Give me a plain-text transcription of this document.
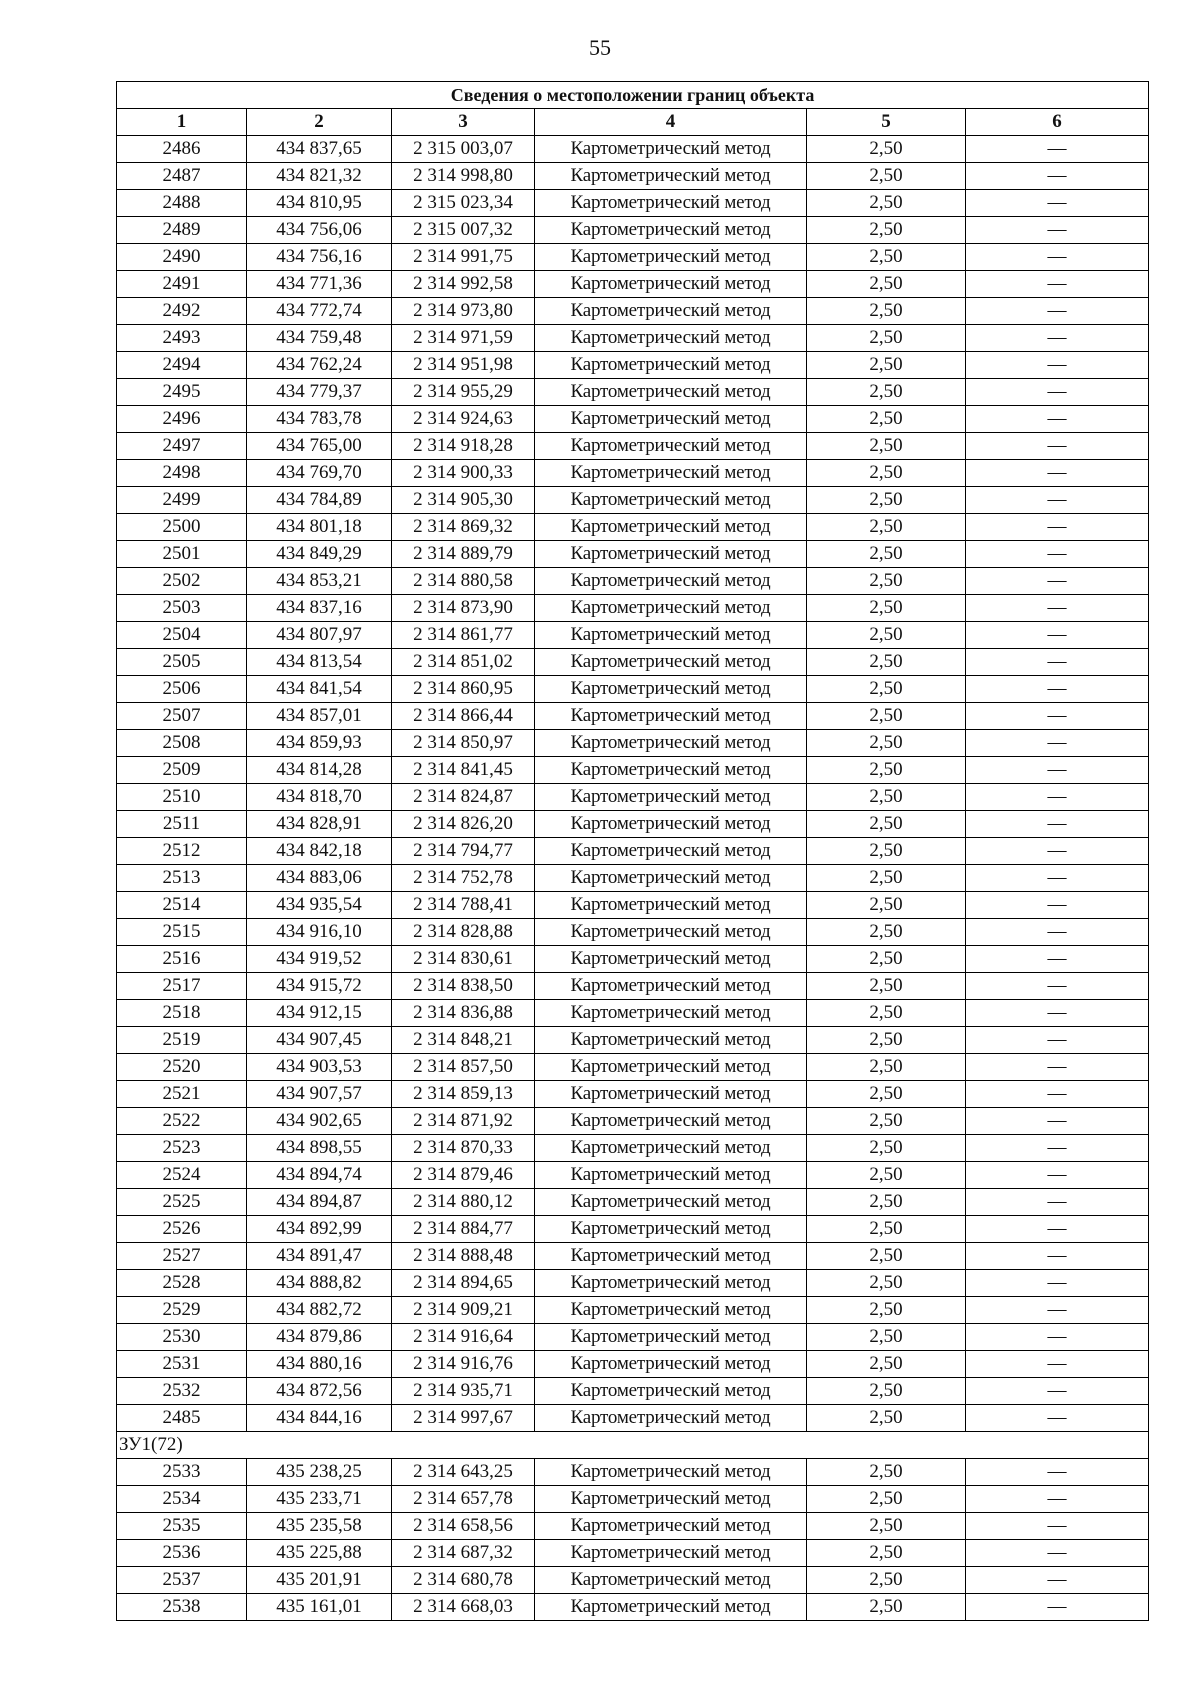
55
Сведения о местоположении границ объекта					
1	2	3	4	5	6
2486	434 837,65	2 315 003,07	Картометрический метод	2,50	—
2487	434 821,32	2 314 998,80	Картометрический метод	2,50	—
2488	434 810,95	2 315 023,34	Картометрический метод	2,50	—
2489	434 756,06	2 315 007,32	Картометрический метод	2,50	—
2490	434 756,16	2 314 991,75	Картометрический метод	2,50	—
2491	434 771,36	2 314 992,58	Картометрический метод	2,50	—
2492	434 772,74	2 314 973,80	Картометрический метод	2,50	—
2493	434 759,48	2 314 971,59	Картометрический метод	2,50	—
2494	434 762,24	2 314 951,98	Картометрический метод	2,50	—
2495	434 779,37	2 314 955,29	Картометрический метод	2,50	—
2496	434 783,78	2 314 924,63	Картометрический метод	2,50	—
2497	434 765,00	2 314 918,28	Картометрический метод	2,50	—
2498	434 769,70	2 314 900,33	Картометрический метод	2,50	—
2499	434 784,89	2 314 905,30	Картометрический метод	2,50	—
2500	434 801,18	2 314 869,32	Картометрический метод	2,50	—
2501	434 849,29	2 314 889,79	Картометрический метод	2,50	—
2502	434 853,21	2 314 880,58	Картометрический метод	2,50	—
2503	434 837,16	2 314 873,90	Картометрический метод	2,50	—
2504	434 807,97	2 314 861,77	Картометрический метод	2,50	—
2505	434 813,54	2 314 851,02	Картометрический метод	2,50	—
2506	434 841,54	2 314 860,95	Картометрический метод	2,50	—
2507	434 857,01	2 314 866,44	Картометрический метод	2,50	—
2508	434 859,93	2 314 850,97	Картометрический метод	2,50	—
2509	434 814,28	2 314 841,45	Картометрический метод	2,50	—
2510	434 818,70	2 314 824,87	Картометрический метод	2,50	—
2511	434 828,91	2 314 826,20	Картометрический метод	2,50	—
2512	434 842,18	2 314 794,77	Картометрический метод	2,50	—
2513	434 883,06	2 314 752,78	Картометрический метод	2,50	—
2514	434 935,54	2 314 788,41	Картометрический метод	2,50	—
2515	434 916,10	2 314 828,88	Картометрический метод	2,50	—
2516	434 919,52	2 314 830,61	Картометрический метод	2,50	—
2517	434 915,72	2 314 838,50	Картометрический метод	2,50	—
2518	434 912,15	2 314 836,88	Картометрический метод	2,50	—
2519	434 907,45	2 314 848,21	Картометрический метод	2,50	—
2520	434 903,53	2 314 857,50	Картометрический метод	2,50	—
2521	434 907,57	2 314 859,13	Картометрический метод	2,50	—
2522	434 902,65	2 314 871,92	Картометрический метод	2,50	—
2523	434 898,55	2 314 870,33	Картометрический метод	2,50	—
2524	434 894,74	2 314 879,46	Картометрический метод	2,50	—
2525	434 894,87	2 314 880,12	Картометрический метод	2,50	—
2526	434 892,99	2 314 884,77	Картометрический метод	2,50	—
2527	434 891,47	2 314 888,48	Картометрический метод	2,50	—
2528	434 888,82	2 314 894,65	Картометрический метод	2,50	—
2529	434 882,72	2 314 909,21	Картометрический метод	2,50	—
2530	434 879,86	2 314 916,64	Картометрический метод	2,50	—
2531	434 880,16	2 314 916,76	Картометрический метод	2,50	—
2532	434 872,56	2 314 935,71	Картометрический метод	2,50	—
2485	434 844,16	2 314 997,67	Картометрический метод	2,50	—
ЗУ1(72)					
2533	435 238,25	2 314 643,25	Картометрический метод	2,50	—
2534	435 233,71	2 314 657,78	Картометрический метод	2,50	—
2535	435 235,58	2 314 658,56	Картометрический метод	2,50	—
2536	435 225,88	2 314 687,32	Картометрический метод	2,50	—
2537	435 201,91	2 314 680,78	Картометрический метод	2,50	—
2538	435 161,01	2 314 668,03	Картометрический метод	2,50	—
